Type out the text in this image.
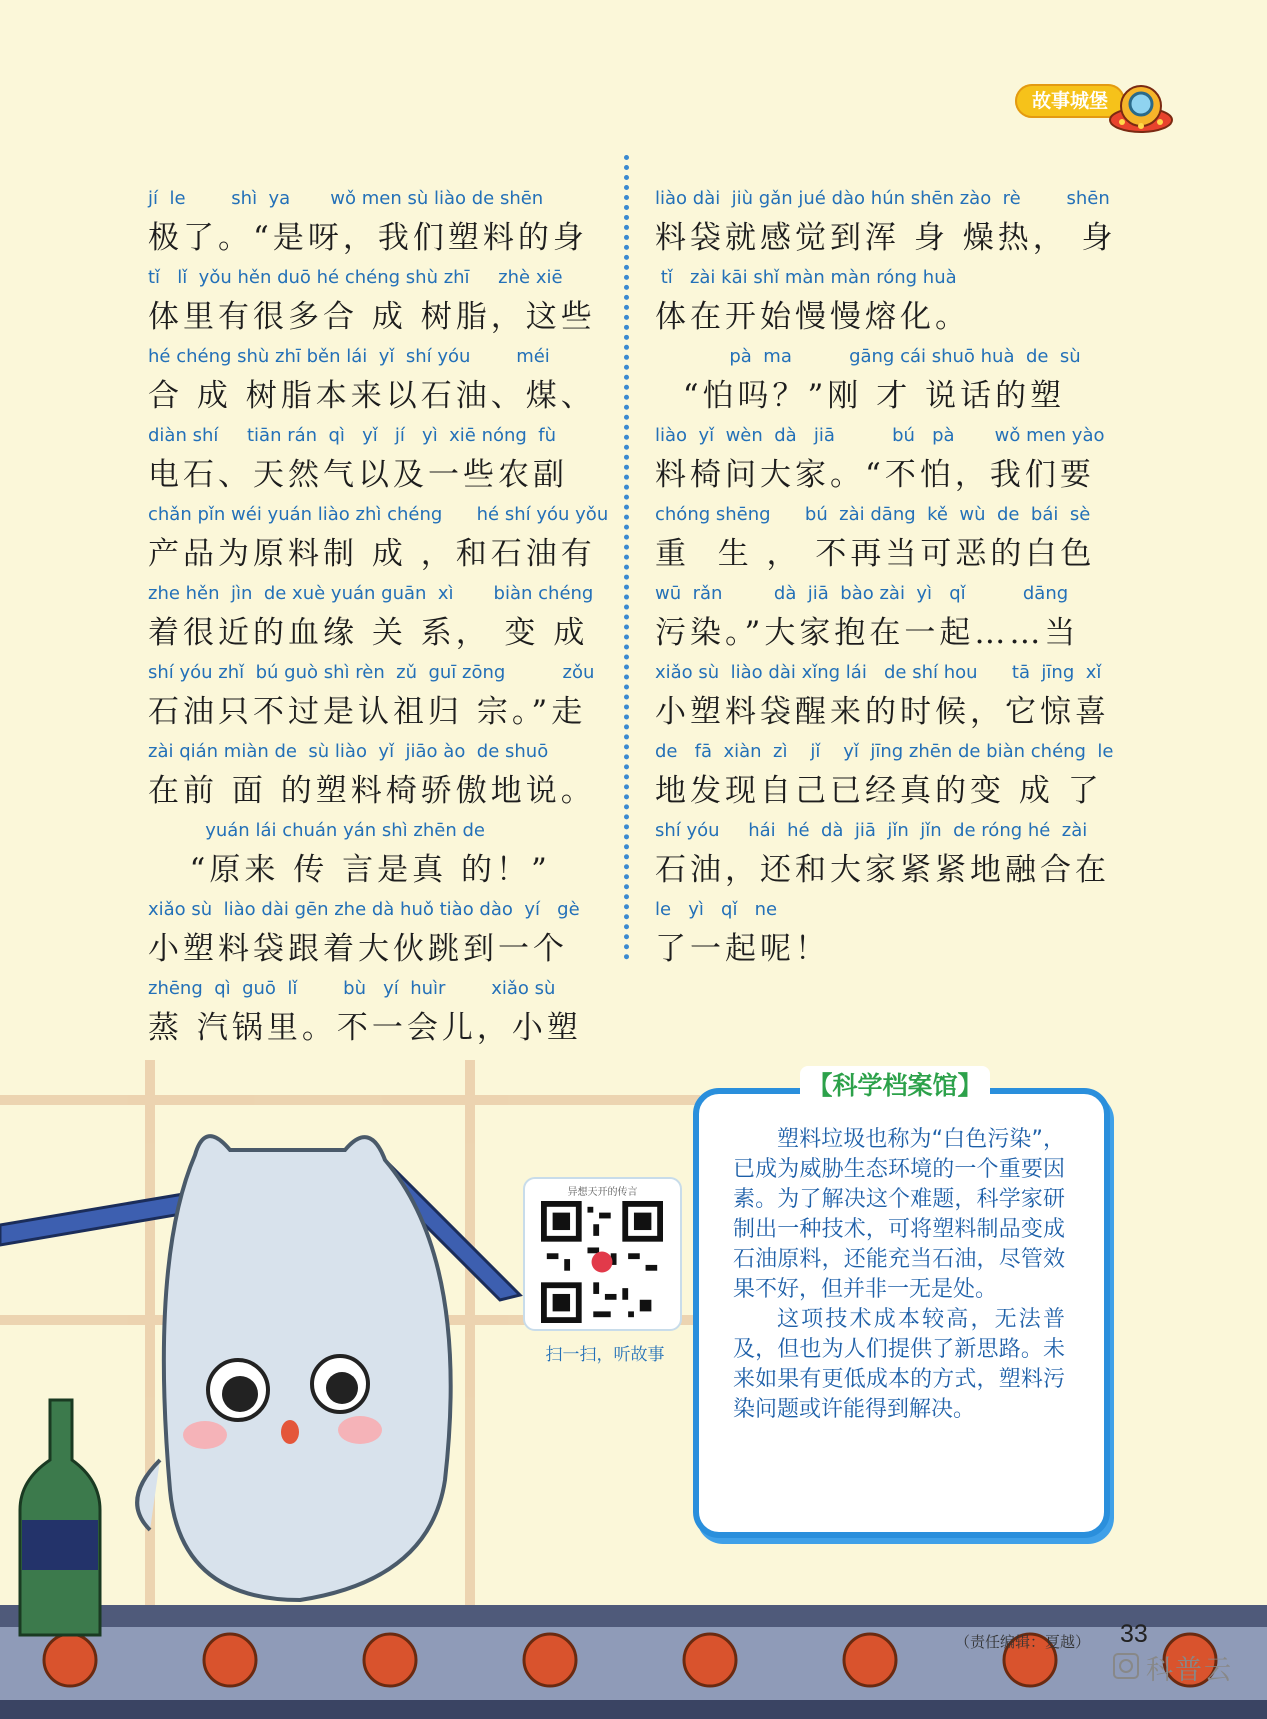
故事城堡
jí  le        shì  ya       wǒ men sù liào de shēn
极了。“是呀，我们塑料的身
tǐ   lǐ  yǒu hěn duō hé chéng shù zhī     zhè xiē
体里有很多合 成 树脂，这些
hé chéng shù zhī běn lái  yǐ  shí yóu        méi
合 成 树脂本来以石油、煤、
diàn shí     tiān rán  qì   yǐ   jí   yì  xiē nóng  fù
电石、天然气以及一些农副
chǎn pǐn wéi yuán liào zhì chéng      hé shí yóu yǒu
产品为原料制 成 ，和石油有
zhe hěn  jìn  de xuè yuán guān  xì       biàn chéng
着很近的血缘 关 系， 变 成
shí yóu zhǐ  bú guò shì rèn  zǔ  guī zōng          zǒu
石油只不过是认祖归 宗。”走
zài qián miàn de  sù liào  yǐ  jiāo ào  de shuō
在前 面 的塑料椅骄傲地说。
yuán lái chuán yán shì zhēn de
“原来 传 言是真 的！”
xiǎo sù  liào dài gēn zhe dà huǒ tiào dào  yí   gè
小塑料袋跟着大伙跳到一个
zhēng  qì  guō  lǐ        bù   yí  huìr        xiǎo sù
蒸 汽锅里。不一会儿，小塑
liào dài  jiù gǎn jué dào hún shēn zào  rè        shēn
料袋就感觉到浑 身 燥热， 身
tǐ   zài kāi shǐ màn màn róng huà
体在开始慢慢熔化。
pà  ma          gāng cái shuō huà  de  sù
“怕吗？”刚 才 说话的塑
liào  yǐ  wèn  dà   jiā          bú   pà       wǒ men yào
料椅问大家。“不怕，我们要
chóng shēng      bú  zài dāng  kě  wù  de  bái  sè
重  生 ， 不再当可恶的白色
wū  rǎn         dà  jiā  bào zài  yì   qǐ          dāng
污染。”大家抱在一起……当
xiǎo sù  liào dài xǐng lái   de shí hou      tā  jīng  xǐ
小塑料袋醒来的时候，它惊喜
de   fā  xiàn  zì    jǐ    yǐ  jīng zhēn de biàn chéng  le
地发现自己已经真的变 成 了
shí yóu     hái  hé  dà  jiā  jǐn  jǐn  de róng hé  zài
石油，还和大家紧紧地融合在
le   yì   qǐ   ne
了一起呢！
异想天开的传言
扫一扫，听故事
【科学档案馆】

塑料垃圾也称为“白色污染”，已成为威胁生态环境的一个重要因素。为了解决这个难题，科学家研制出一种技术，可将塑料制品变成石油原料，还能充当石油，尽管效果不好，但并非一无是处。

这项技术成本较高，无法普及，但也为人们提供了新思路。未来如果有更低成本的方式，塑料污染问题或许能得到解决。

（责任编辑：夏越） 33
科普云
